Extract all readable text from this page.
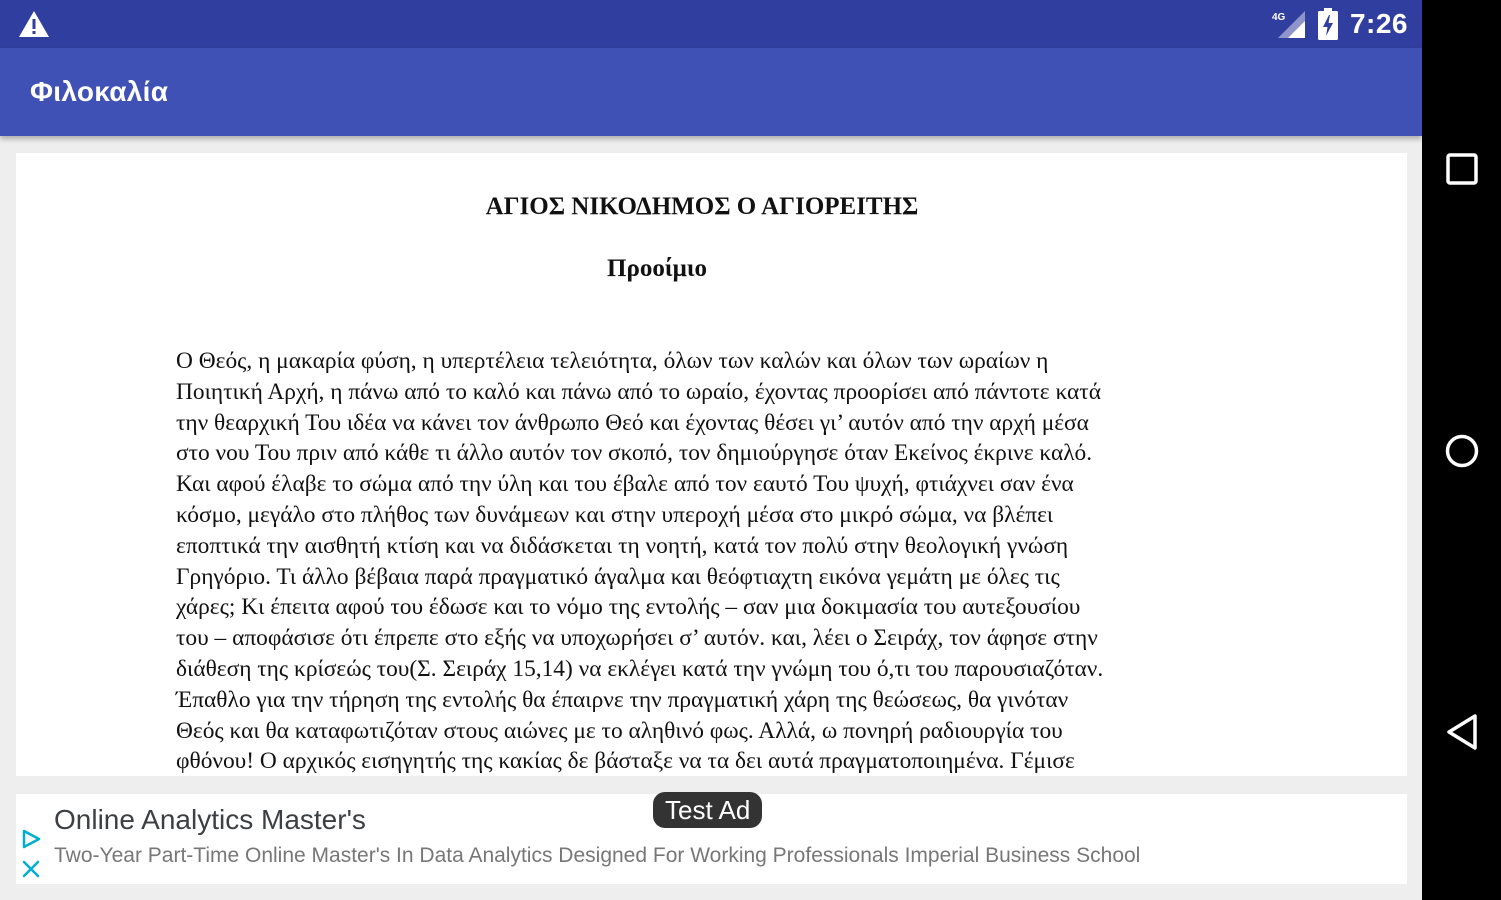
4G 7:26
Φιλοκαλία
ΑΓΙΟΣ ΝΙΚΟΔΗΜΟΣ Ο ΑΓΙΟΡΕΙΤΗΣ
Προοίμιο
Ο Θεός, η μακαρία φύση, η υπερτέλεια τελειότητα, όλων των καλών και όλων των ωραίων η
Ποιητική Αρχή, η πάνω από το καλό και πάνω από το ωραίο, έχοντας προορίσει από πάντοτε κατά
την θεαρχική Του ιδέα να κάνει τον άνθρωπο Θεό και έχοντας θέσει γι’ αυτόν από την αρχή μέσα
στο νου Του πριν από κάθε τι άλλο αυτόν τον σκοπό, τον δημιούργησε όταν Εκείνος έκρινε καλό.
Και αφού έλαβε το σώμα από την ύλη και του έβαλε από τον εαυτό Του ψυχή, φτιάχνει σαν ένα
κόσμο, μεγάλο στο πλήθος των δυνάμεων και στην υπεροχή μέσα στο μικρό σώμα, να βλέπει
εποπτικά την αισθητή κτίση και να διδάσκεται τη νοητή, κατά τον πολύ στην θεολογική γνώση
Γρηγόριο. Τι άλλο βέβαια παρά πραγματικό άγαλμα και θεόφτιαχτη εικόνα γεμάτη με όλες τις
χάρες; Κι έπειτα αφού του έδωσε και το νόμο της εντολής – σαν μια δοκιμασία του αυτεξουσίου
του – αποφάσισε ότι έπρεπε στο εξής να υποχωρήσει σ’ αυτόν. και, λέει ο Σειράχ, τον άφησε στην
διάθεση της κρίσεώς του(Σ. Σειράχ 15,14) να εκλέγει κατά την γνώμη του ό,τι του παρουσιαζόταν.
Έπαθλο για την τήρηση της εντολής θα έπαιρνε την πραγματική χάρη της θεώσεως, θα γινόταν
Θεός και θα καταφωτιζόταν στους αιώνες με το αληθινό φως. Αλλά, ω πονηρή ραδιουργία του
φθόνου! Ο αρχικός εισηγητής της κακίας δε βάσταξε να τα δει αυτά πραγματοποιημένα. Γέμισε
Test Ad
Online Analytics Master's
Two-Year Part-Time Online Master's In Data Analytics Designed For Working Professionals Imperial Business School
